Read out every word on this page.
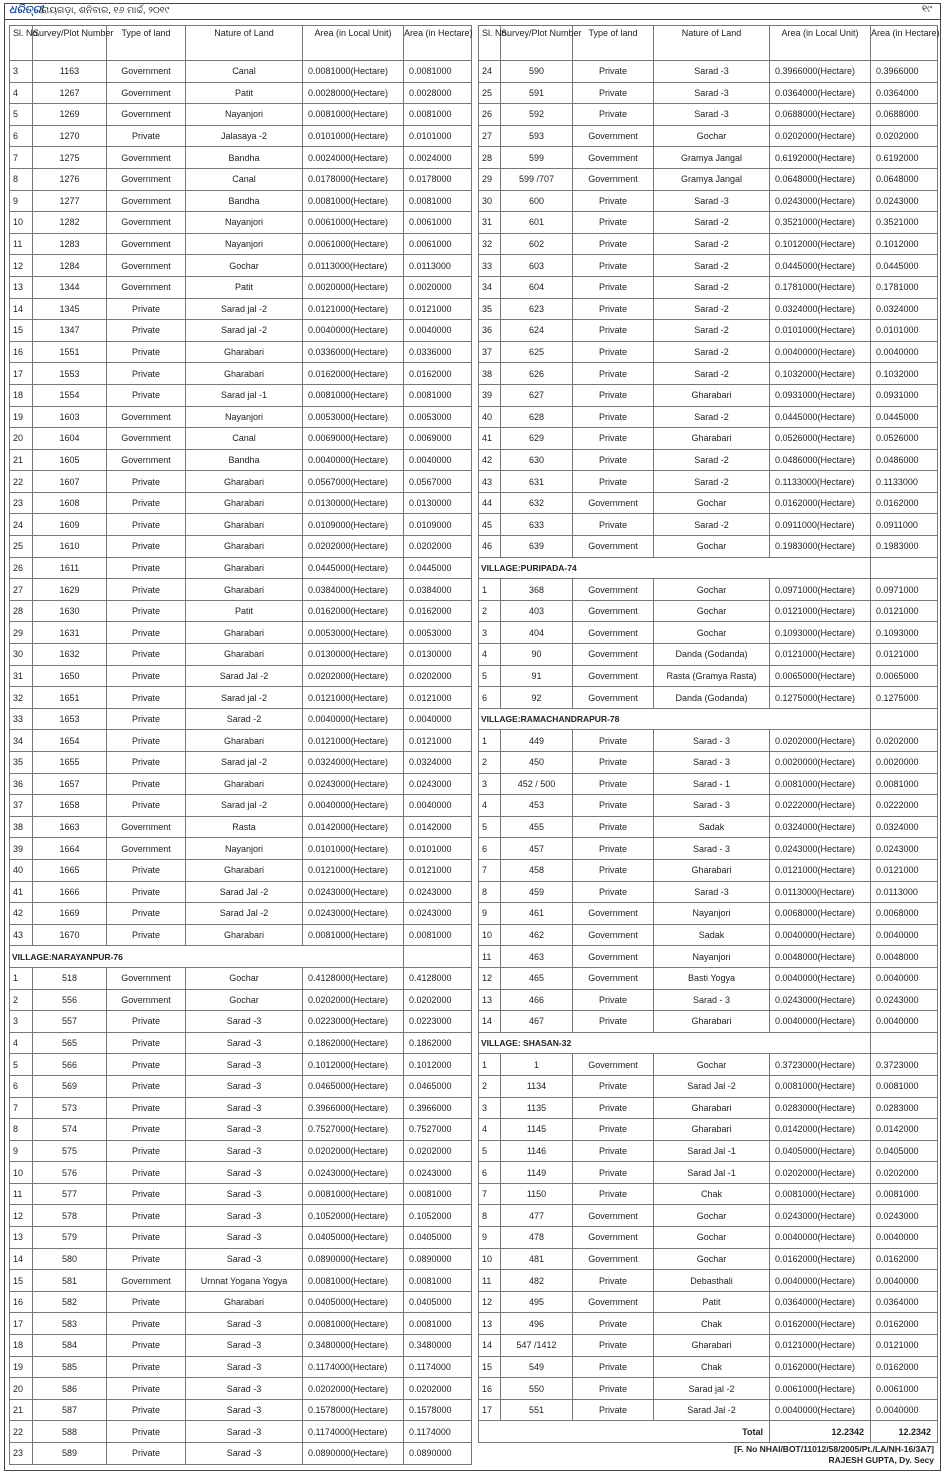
ଧରିତ୍ରୀ
/ରାୟଗଡ଼ା, ଶନିବାର, ୧୬ ମାର୍ଚ୍ଚ, ୨୦୧୯	୧୯
Sl. No.	Survey/Plot Number	Type of land	Nature of Land	Area (in Local Unit)	Area (in Hectare)
3	1163	Government	Canal	0.0081000(Hectare)	0.0081000
4	1267	Government	Patit	0.0028000(Hectare)	0.0028000
5	1269	Government	Nayanjori	0.0081000(Hectare)	0.0081000
6	1270	Private	Jalasaya -2	0.0101000(Hectare)	0.0101000
7	1275	Government	Bandha	0.0024000(Hectare)	0.0024000
8	1276	Government	Canal	0.0178000(Hectare)	0.0178000
9	1277	Government	Bandha	0.0081000(Hectare)	0.0081000
10	1282	Government	Nayanjori	0.0061000(Hectare)	0.0061000
11	1283	Government	Nayanjori	0.0061000(Hectare)	0.0061000
12	1284	Government	Gochar	0.0113000(Hectare)	0.0113000
13	1344	Government	Patit	0.0020000(Hectare)	0.0020000
14	1345	Private	Sarad jal -2	0.0121000(Hectare)	0.0121000
15	1347	Private	Sarad jal -2	0.0040000(Hectare)	0.0040000
16	1551	Private	Gharabari	0.0336000(Hectare)	0.0336000
17	1553	Private	Gharabari	0.0162000(Hectare)	0.0162000
18	1554	Private	Sarad jal -1	0.0081000(Hectare)	0.0081000
19	1603	Government	Nayanjori	0.0053000(Hectare)	0.0053000
20	1604	Government	Canal	0.0069000(Hectare)	0.0069000
21	1605	Government	Bandha	0.0040000(Hectare)	0.0040000
22	1607	Private	Gharabari	0.0567000(Hectare)	0.0567000
23	1608	Private	Gharabari	0.0130000(Hectare)	0.0130000
24	1609	Private	Gharabari	0.0109000(Hectare)	0.0109000
25	1610	Private	Gharabari	0.0202000(Hectare)	0.0202000
26	1611	Private	Gharabari	0.0445000(Hectare)	0.0445000
27	1629	Private	Gharabari	0.0384000(Hectare)	0.0384000
28	1630	Private	Patit	0.0162000(Hectare)	0.0162000
29	1631	Private	Gharabari	0.0053000(Hectare)	0.0053000
30	1632	Private	Gharabari	0.0130000(Hectare)	0.0130000
31	1650	Private	Sarad Jal -2	0.0202000(Hectare)	0.0202000
32	1651	Private	Sarad jal -2	0.0121000(Hectare)	0.0121000
33	1653	Private	Sarad -2	0.0040000(Hectare)	0.0040000
34	1654	Private	Gharabari	0.0121000(Hectare)	0.0121000
35	1655	Private	Sarad jal -2	0.0324000(Hectare)	0.0324000
36	1657	Private	Gharabari	0.0243000(Hectare)	0.0243000
37	1658	Private	Sarad jal -2	0.0040000(Hectare)	0.0040000
38	1663	Government	Rasta	0.0142000(Hectare)	0.0142000
39	1664	Government	Nayanjori	0.0101000(Hectare)	0.0101000
40	1665	Private	Gharabari	0.0121000(Hectare)	0.0121000
41	1666	Private	Sarad Jal -2	0.0243000(Hectare)	0.0243000
42	1669	Private	Sarad Jal -2	0.0243000(Hectare)	0.0243000
43	1670	Private	Gharabari	0.0081000(Hectare)	0.0081000
VILLAGE:NARAYANPUR-76					
1	518	Government	Gochar	0.4128000(Hectare)	0.4128000
2	556	Government	Gochar	0.0202000(Hectare)	0.0202000
3	557	Private	Sarad -3	0.0223000(Hectare)	0.0223000
4	565	Private	Sarad -3	0.1862000(Hectare)	0.1862000
5	566	Private	Sarad -3	0.1012000(Hectare)	0.1012000
6	569	Private	Sarad -3	0.0465000(Hectare)	0.0465000
7	573	Private	Sarad -3	0.3966000(Hectare)	0.3966000
8	574	Private	Sarad -3	0.7527000(Hectare)	0.7527000
9	575	Private	Sarad -3	0.0202000(Hectare)	0.0202000
10	576	Private	Sarad -3	0.0243000(Hectare)	0.0243000
11	577	Private	Sarad -3	0.0081000(Hectare)	0.0081000
12	578	Private	Sarad -3	0.1052000(Hectare)	0.1052000
13	579	Private	Sarad -3	0.0405000(Hectare)	0.0405000
14	580	Private	Sarad -3	0.0890000(Hectare)	0.0890000
15	581	Government	Urnnat Yogana Yogya	0.0081000(Hectare)	0.0081000
16	582	Private	Gharabari	0.0405000(Hectare)	0.0405000
17	583	Private	Sarad -3	0.0081000(Hectare)	0.0081000
18	584	Private	Sarad -3	0.3480000(Hectare)	0.3480000
19	585	Private	Sarad -3	0.1174000(Hectare)	0.1174000
20	586	Private	Sarad -3	0.0202000(Hectare)	0.0202000
21	587	Private	Sarad -3	0.1578000(Hectare)	0.1578000
22	588	Private	Sarad -3	0.1174000(Hectare)	0.1174000
23	589	Private	Sarad -3	0.0890000(Hectare)	0.0890000
Sl. No.	Survey/Plot Number	Type of land	Nature of Land	Area (in Local Unit)	Area (in Hectare)
24	590	Private	Sarad -3	0.3966000(Hectare)	0.3966000
25	591	Private	Sarad -3	0.0364000(Hectare)	0.0364000
26	592	Private	Sarad -3	0.0688000(Hectare)	0.0688000
27	593	Government	Gochar	0.0202000(Hectare)	0.0202000
28	599	Government	Gramya Jangal	0.6192000(Hectare)	0.6192000
29	599 /707	Government	Gramya Jangal	0.0648000(Hectare)	0.0648000
30	600	Private	Sarad -3	0.0243000(Hectare)	0.0243000
31	601	Private	Sarad -2	0.3521000(Hectare)	0.3521000
32	602	Private	Sarad -2	0.1012000(Hectare)	0.1012000
33	603	Private	Sarad -2	0.0445000(Hectare)	0.0445000
34	604	Private	Sarad -2	0.1781000(Hectare)	0.1781000
35	623	Private	Sarad -2	0.0324000(Hectare)	0.0324000
36	624	Private	Sarad -2	0.0101000(Hectare)	0.0101000
37	625	Private	Sarad -2	0.0040000(Hectare)	0.0040000
38	626	Private	Sarad -2	0.1032000(Hectare)	0.1032000
39	627	Private	Gharabari	0.0931000(Hectare)	0.0931000
40	628	Private	Sarad -2	0.0445000(Hectare)	0.0445000
41	629	Private	Gharabari	0.0526000(Hectare)	0.0526000
42	630	Private	Sarad -2	0.0486000(Hectare)	0.0486000
43	631	Private	Sarad -2	0.1133000(Hectare)	0.1133000
44	632	Government	Gochar	0.0162000(Hectare)	0.0162000
45	633	Private	Sarad -2	0.0911000(Hectare)	0.0911000
46	639	Government	Gochar	0.1983000(Hectare)	0.1983000
VILLAGE:PURIPADA-74					
1	368	Government	Gochar	0.0971000(Hectare)	0.0971000
2	403	Government	Gochar	0.0121000(Hectare)	0.0121000
3	404	Government	Gochar	0.1093000(Hectare)	0.1093000
4	90	Government	Danda (Godanda)	0.0121000(Hectare)	0.0121000
5	91	Government	Rasta (Gramya Rasta)	0.0065000(Hectare)	0.0065000
6	92	Government	Danda (Godanda)	0.1275000(Hectare)	0.1275000
VILLAGE:RAMACHANDRAPUR-78					
1	449	Private	Sarad - 3	0.0202000(Hectare)	0.0202000
2	450	Private	Sarad - 3	0.0020000(Hectare)	0.0020000
3	452 / 500	Private	Sarad - 1	0.0081000(Hectare)	0.0081000
4	453	Private	Sarad - 3	0.0222000(Hectare)	0.0222000
5	455	Private	Sadak	0.0324000(Hectare)	0.0324000
6	457	Private	Sarad - 3	0.0243000(Hectare)	0.0243000
7	458	Private	Gharabari	0.0121000(Hectare)	0.0121000
8	459	Private	Sarad -3	0.0113000(Hectare)	0.0113000
9	461	Government	Nayanjori	0.0068000(Hectare)	0.0068000
10	462	Government	Sadak	0.0040000(Hectare)	0.0040000
11	463	Government	Nayanjori	0.0048000(Hectare)	0.0048000
12	465	Government	Basti Yogya	0.0040000(Hectare)	0.0040000
13	466	Private	Sarad - 3	0.0243000(Hectare)	0.0243000
14	467	Private	Gharabari	0.0040000(Hectare)	0.0040000
VILLAGE: SHASAN-32					
1	1	Government	Gochar	0.3723000(Hectare)	0.3723000
2	1134	Private	Sarad Jal -2	0.0081000(Hectare)	0.0081000
3	1135	Private	Gharabari	0.0283000(Hectare)	0.0283000
4	1145	Private	Gharabari	0.0142000(Hectare)	0.0142000
5	1146	Private	Sarad Jal -1	0.0405000(Hectare)	0.0405000
6	1149	Private	Sarad Jal -1	0.0202000(Hectare)	0.0202000
7	1150	Private	Chak	0.0081000(Hectare)	0.0081000
8	477	Government	Gochar	0.0243000(Hectare)	0.0243000
9	478	Government	Gochar	0.0040000(Hectare)	0.0040000
10	481	Government	Gochar	0.0162000(Hectare)	0.0162000
11	482	Private	Debasthali	0.0040000(Hectare)	0.0040000
12	495	Government	Patit	0.0364000(Hectare)	0.0364000
13	496	Private	Chak	0.0162000(Hectare)	0.0162000
14	547 /1412	Private	Gharabari	0.0121000(Hectare)	0.0121000
15	549	Private	Chak	0.0162000(Hectare)	0.0162000
16	550	Private	Sarad jal -2	0.0061000(Hectare)	0.0061000
17	551	Private	Sarad Jal -2	0.0040000(Hectare)	0.0040000
Total				12.2342	12.2342
[F. No NHAI/BOT/11012/58/2005/Pt./LA/NH-16/3A7]
RAJESH GUPTA, Dy. Secy
